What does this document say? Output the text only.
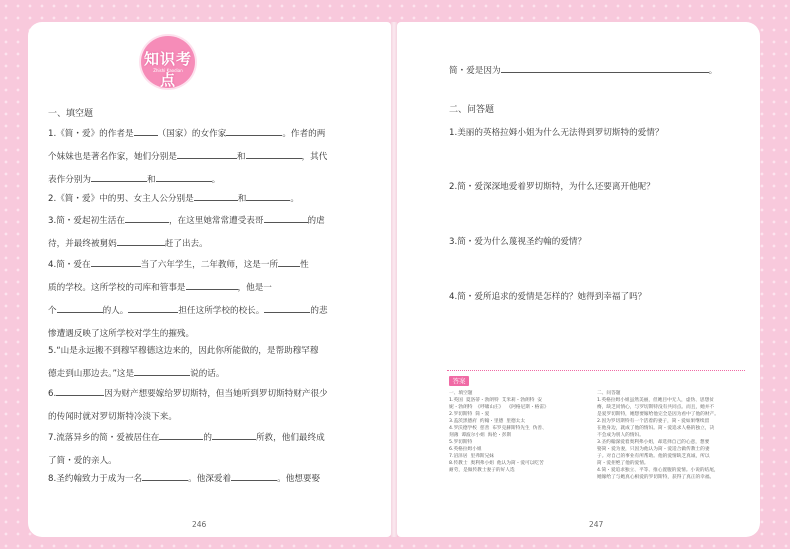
知识考点
Zhishi Kaodian
一、填空题

1.《简・爱》的作者是	（国家）的女作家	。作者的两

个妹妹也是著名作家，她们分别是	和	，其代

表作分别为	和	。

2.《简・爱》中的男、女主人公分别是	和	。

3.简・爱起初生活在	，在这里她常常遭受表哥	的虐

待，并最终被舅妈	赶了出去。

4.简・爱在	当了六年学生，二年教师，这是一所	性

质的学校。这所学校的司库和管事是	，他是一

个	的人。	担任这所学校的校长。	的悲

惨遭遇反映了这所学校对学生的摧残。

5.“山是永远搬不到穆罕穆德这边来的，因此你所能做的，是帮助穆罕穆

德走到山那边去。”这是	说的话。

6.	因为财产想要嫁给罗切斯特，但当她听到罗切斯特财产很少

的传闻时就对罗切斯特冷淡下来。

7.流落异乡的简・爱被居住在	的	所救，他们最终成

了简・爱的亲人。

8.圣约翰致力于成为一名	。他深爱着	。他想要娶

246
简・爱是因为	。
二、问答题
1.美丽的英格拉姆小姐为什么无法得到罗切斯特的爱情？
2.简・爱深深地爱着罗切斯特，为什么还要离开他呢？
3.简・爱为什么蔑视圣约翰的爱情？
4.简・爱所追求的爱情是怎样的？她得到幸福了吗？
答案
一、填空题
1.英国  夏洛蒂・勃朗特  艾米莉・勃朗特  安
妮・勃朗特  《呼啸山庄》  《阿格尼斯・格雷》
2.罗切斯特  简・爱
3.盖茨黑德府  约翰・里德  里德太太
4.罗沃德学校  慈善  布罗克赫斯特先生  伪善、
刻薄  谭波尔小姐  海伦・彭斯
5.罗切斯特
6.英格拉姆小姐
7.沼泽居  里弗斯兄妹
8.传教士  奥利弗小姐  他认为简・爱可以吃苦
耐劳，是做传教士妻子的好人选
二、问答题
1.英格拉姆小姐虽然美丽，但她目中无人，虚伪、思想贫
瘠，缺乏同情心，与罗切斯特没有共同点。而且，她并不
是爱罗切斯特，她想要嫁给他完全是因为看中了他的财产。
2.因为罗切斯特有一个活着的妻子，简・爱如果继续留
在他身边，就成了他的情妇。简・爱追求人格的独立，决
不会成为别人的情妇。
3.圣约翰深爱着奥利弗小姐，却选择自己的心意，想要
娶简・爱为妻，只因为他认为简・爱适合做传教士的妻
子。对自己的事业有所帮助。他的爱情缺乏真诚，所以
简・爱拒绝了他的爱情。
4.简・爱追求独立、平等、推心置腹的爱情。小说的结尾，
她嫁给了与她真心相爱的罗切斯特，获得了真正的幸福。
247
